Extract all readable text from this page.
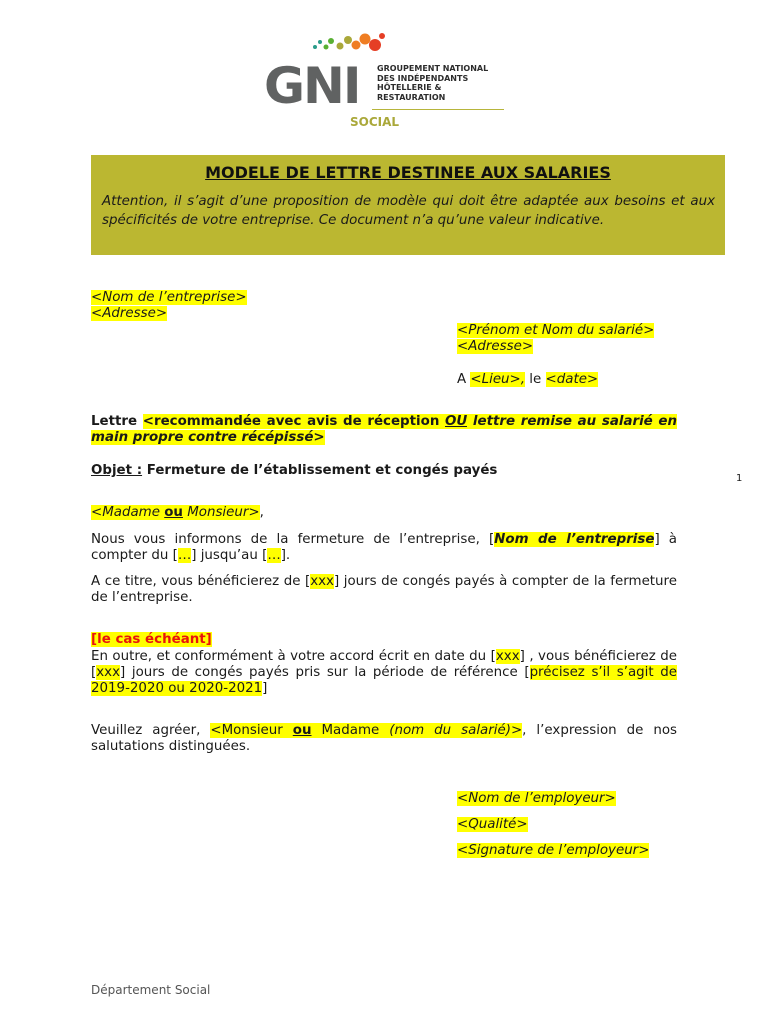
GNI
SOCIAL
GROUPEMENT NATIONAL
DES INDÉPENDANTS
HÔTELLERIE &
RESTAURATION
MODELE DE LETTRE DESTINEE AUX SALARIES
Attention, il s’agit d’une proposition de modèle qui doit être adaptée aux besoins et aux spécificités de votre entreprise. Ce document n’a qu’une valeur indicative.
<Nom de l’entreprise>
<Adresse>
<Prénom et Nom du salarié>
<Adresse>
A <Lieu>, le <date>
Lettre <recommandée avec avis de réception OU lettre remise au salarié en main propre contre récépissé>
Objet : Fermeture de l’établissement et congés payés
<Madame ou Monsieur>,
Nous vous informons de la fermeture de l’entreprise, [Nom de l’entreprise] à compter du […] jusqu’au […].
A ce titre, vous bénéficierez de [xxx] jours de congés payés à compter de la fermeture de l’entreprise.
[le cas échéant]
En outre, et conformément à votre accord écrit en date du [xxx] , vous bénéficierez de [xxx] jours de congés payés pris sur la période de référence [précisez s’il s’agit de 2019-2020 ou 2020-2021]
Veuillez agréer, <Monsieur ou Madame (nom du salarié)>, l’expression de nos salutations distinguées.
<Nom de l’employeur>
<Qualité>
<Signature de l’employeur>
1
Département Social
